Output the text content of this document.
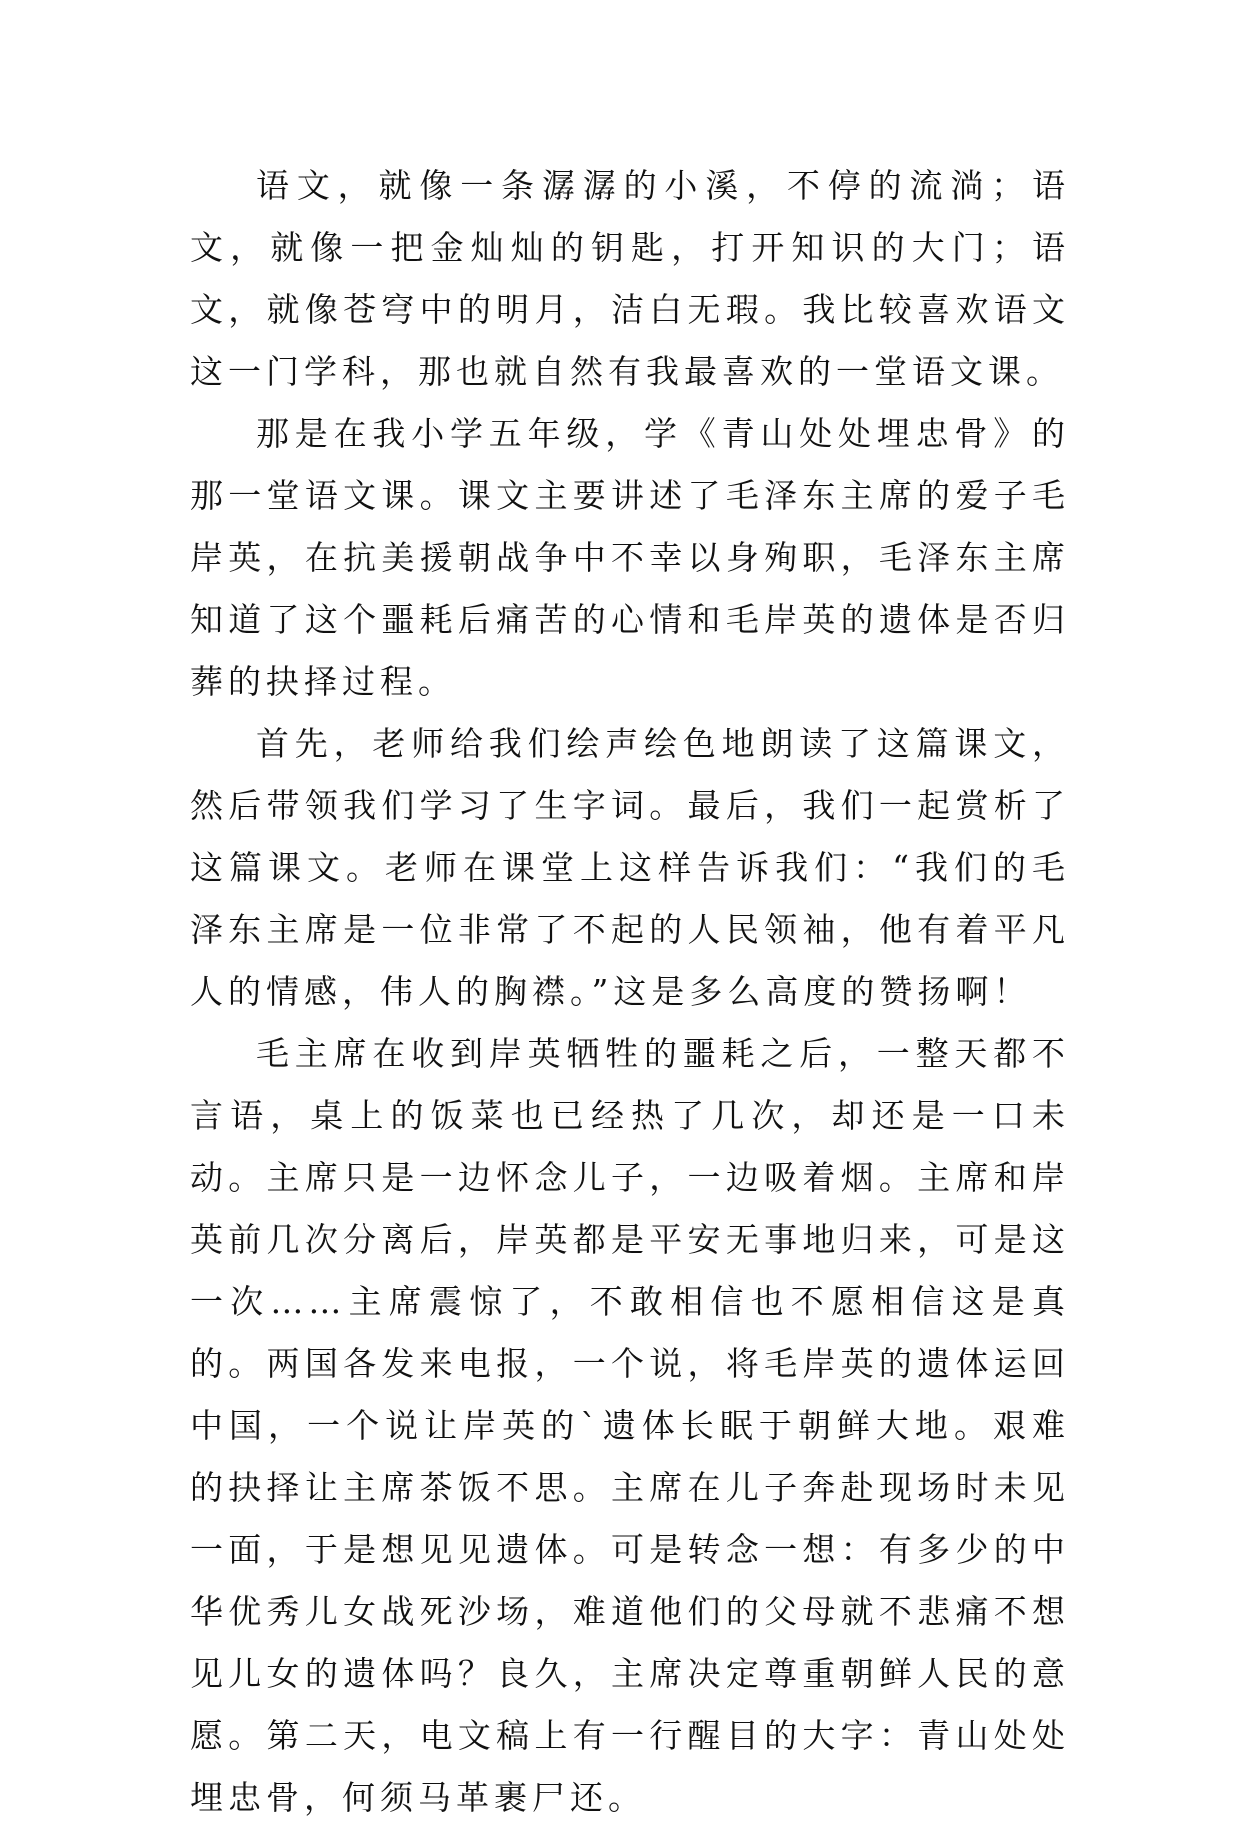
语文，就像一条潺潺的小溪，不停的流淌；语文，就像一把金灿灿的钥匙，打开知识的大门；语文，就像苍穹中的明月，洁白无瑕。我比较喜欢语文这一门学科，那也就自然有我最喜欢的一堂语文课。

那是在我小学五年级，学《青山处处埋忠骨》的那一堂语文课。课文主要讲述了毛泽东主席的爱子毛岸英，在抗美援朝战争中不幸以身殉职，毛泽东主席知道了这个噩耗后痛苦的心情和毛岸英的遗体是否归葬的抉择过程。

首先，老师给我们绘声绘色地朗读了这篇课文，然后带领我们学习了生字词。最后，我们一起赏析了这篇课文。老师在课堂上这样告诉我们：“我们的毛泽东主席是一位非常了不起的人民领袖，他有着平凡人的情感，伟人的胸襟。”这是多么高度的赞扬啊！

毛主席在收到岸英牺牲的噩耗之后，一整天都不言语，桌上的饭菜也已经热了几次，却还是一口未动。主席只是一边怀念儿子，一边吸着烟。主席和岸英前几次分离后，岸英都是平安无事地归来，可是这一次……主席震惊了，不敢相信也不愿相信这是真的。两国各发来电报，一个说，将毛岸英的遗体运回中国，一个说让岸英的`遗体长眠于朝鲜大地。艰难的抉择让主席茶饭不思。主席在儿子奔赴现场时未见一面，于是想见见遗体。可是转念一想：有多少的中华优秀儿女战死沙场，难道他们的父母就不悲痛不想见儿女的遗体吗？良久，主席决定尊重朝鲜人民的意愿。第二天，电文稿上有一行醒目的大字：青山处处埋忠骨，何须马革裹尸还。
